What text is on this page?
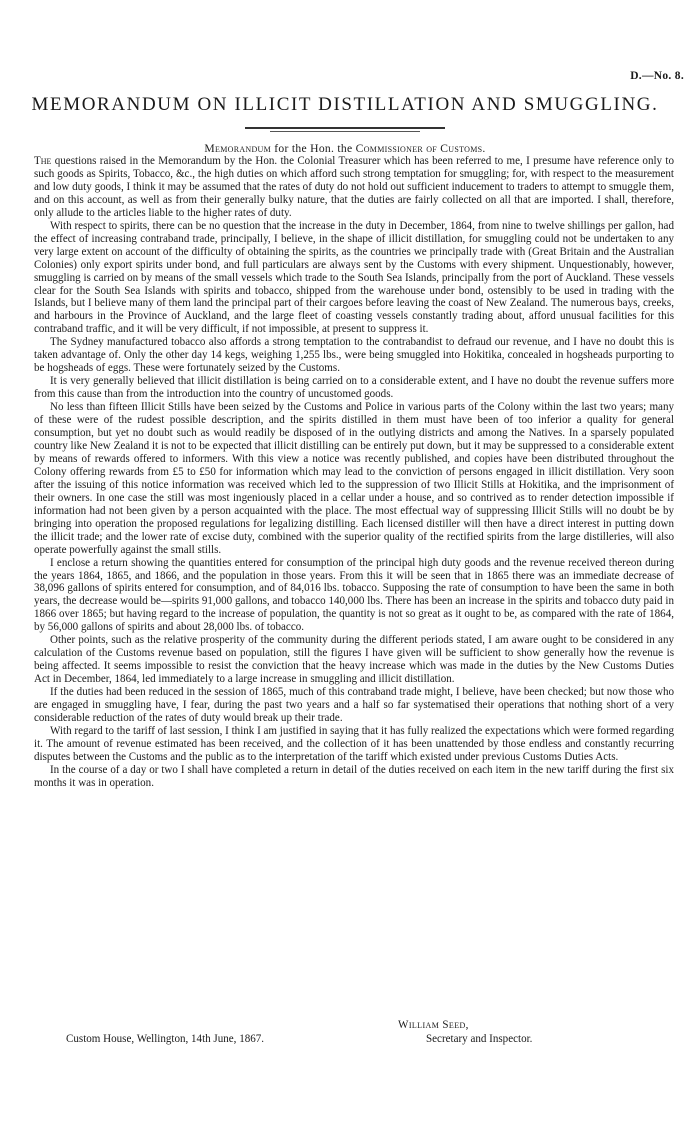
D.—No. 8.
MEMORANDUM ON ILLICIT DISTILLATION AND SMUGGLING.
Memorandum for the Hon. the Commissioner of Customs.

The questions raised in the Memorandum by the Hon. the Colonial Treasurer which has been referred to me, I presume have reference only to such goods as Spirits, Tobacco, &c., the high duties on which afford such strong temptation for smuggling; for, with respect to the measurement and low duty goods, I think it may be assumed that the rates of duty do not hold out sufficient inducement to traders to attempt to smuggle them, and on this account, as well as from their generally bulky nature, that the duties are fairly collected on all that are imported. I shall, therefore, only allude to the articles liable to the higher rates of duty.

With respect to spirits, there can be no question that the increase in the duty in December, 1864, from nine to twelve shillings per gallon, had the effect of increasing contraband trade, principally, I believe, in the shape of illicit distillation, for smuggling could not be undertaken to any very large extent on account of the difficulty of obtaining the spirits, as the countries we principally trade with (Great Britain and the Australian Colonies) only export spirits under bond, and full particulars are always sent by the Customs with every shipment. Unquestionably, however, smuggling is carried on by means of the small vessels which trade to the South Sea Islands, principally from the port of Auckland. These vessels clear for the South Sea Islands with spirits and tobacco, shipped from the warehouse under bond, ostensibly to be used in trading with the Islands, but I believe many of them land the principal part of their cargoes before leaving the coast of New Zealand. The numerous bays, creeks, and harbours in the Province of Auckland, and the large fleet of coasting vessels constantly trading about, afford unusual facilities for this contraband traffic, and it will be very difficult, if not impossible, at present to suppress it.

The Sydney manufactured tobacco also affords a strong temptation to the contrabandist to defraud our revenue, and I have no doubt this is taken advantage of. Only the other day 14 kegs, weighing 1,255 lbs., were being smuggled into Hokitika, concealed in hogsheads purporting to be hogsheads of eggs. These were fortunately seized by the Customs.

It is very generally believed that illicit distillation is being carried on to a considerable extent, and I have no doubt the revenue suffers more from this cause than from the introduction into the country of uncustomed goods.

No less than fifteen Illicit Stills have been seized by the Customs and Police in various parts of the Colony within the last two years; many of these were of the rudest possible description, and the spirits distilled in them must have been of too inferior a quality for general consumption, but yet no doubt such as would readily be disposed of in the outlying districts and among the Natives. In a sparsely populated country like New Zealand it is not to be expected that illicit distilling can be entirely put down, but it may be suppressed to a considerable extent by means of rewards offered to informers. With this view a notice was recently published, and copies have been distributed throughout the Colony offering rewards from £5 to £50 for information which may lead to the conviction of persons engaged in illicit distillation. Very soon after the issuing of this notice information was received which led to the suppression of two Illicit Stills at Hokitika, and the imprisonment of their owners. In one case the still was most ingeniously placed in a cellar under a house, and so contrived as to render detection impossible if information had not been given by a person acquainted with the place. The most effectual way of suppressing Illicit Stills will no doubt be by bringing into operation the proposed regulations for legalizing distilling. Each licensed distiller will then have a direct interest in putting down the illicit trade; and the lower rate of excise duty, combined with the superior quality of the rectified spirits from the large distilleries, will also operate powerfully against the small stills.

I enclose a return showing the quantities entered for consumption of the principal high duty goods and the revenue received thereon during the years 1864, 1865, and 1866, and the population in those years. From this it will be seen that in 1865 there was an immediate decrease of 38,096 gallons of spirits entered for consumption, and of 84,016 lbs. tobacco. Supposing the rate of consumption to have been the same in both years, the decrease would be—spirits 91,000 gallons, and tobacco 140,000 lbs. There has been an increase in the spirits and tobacco duty paid in 1866 over 1865; but having regard to the increase of population, the quantity is not so great as it ought to be, as compared with the rate of 1864, by 56,000 gallons of spirits and about 28,000 lbs. of tobacco.

Other points, such as the relative prosperity of the community during the different periods stated, I am aware ought to be considered in any calculation of the Customs revenue based on population, still the figures I have given will be sufficient to show generally how the revenue is being affected. It seems impossible to resist the conviction that the heavy increase which was made in the duties by the New Customs Duties Act in December, 1864, led immediately to a large increase in smuggling and illicit distillation.

If the duties had been reduced in the session of 1865, much of this contraband trade might, I believe, have been checked; but now those who are engaged in smuggling have, I fear, during the past two years and a half so far systematised their operations that nothing short of a very considerable reduction of the rates of duty would break up their trade.

With regard to the tariff of last session, I think I am justified in saying that it has fully realized the expectations which were formed regarding it. The amount of revenue estimated has been received, and the collection of it has been unattended by those endless and constantly recurring disputes between the Customs and the public as to the interpretation of the tariff which existed under previous Customs Duties Acts.

In the course of a day or two I shall have completed a return in detail of the duties received on each item in the new tariff during the first six months it was in operation.

William Seed,
Custom House, Wellington, 14th June, 1867.	Secretary and Inspector.
